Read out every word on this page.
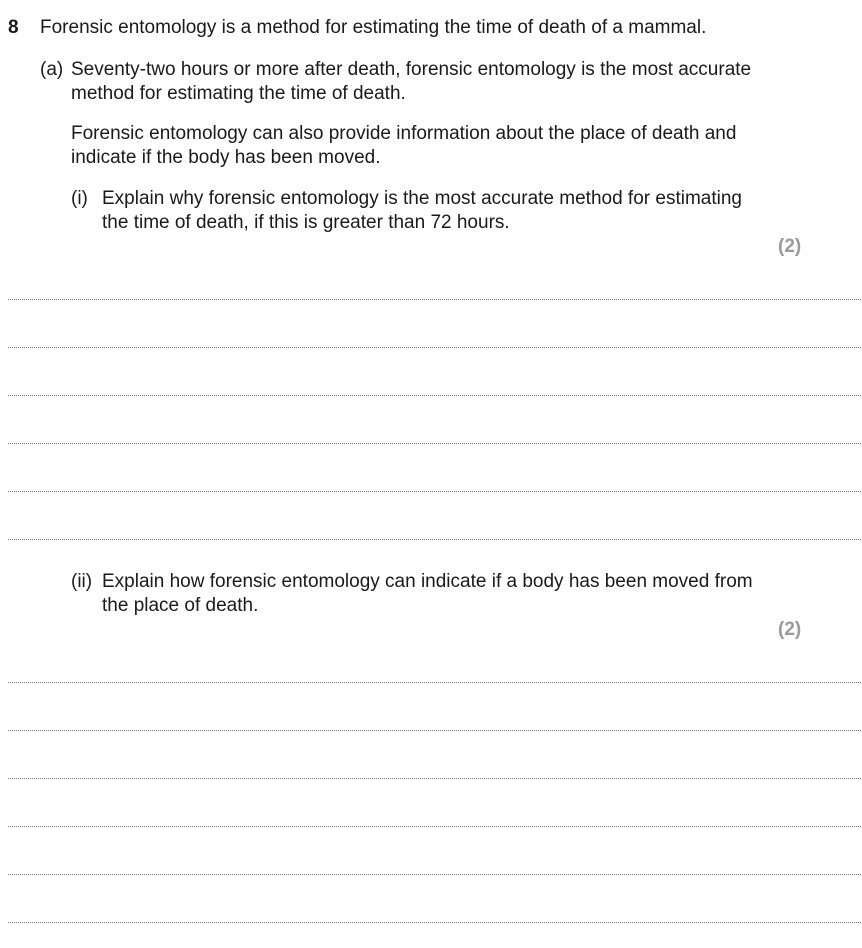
8 Forensic entomology is a method for estimating the time of death of a mammal.
(a) Seventy-two hours or more after death, forensic entomology is the most accurate
method for estimating the time of death.
Forensic entomology can also provide information about the place of death and
indicate if the body has been moved.
(i) Explain why forensic entomology is the most accurate method for estimating
the time of death, if this is greater than 72 hours.
(2)
(ii) Explain how forensic entomology can indicate if a body has been moved from
the place of death.
(2)
